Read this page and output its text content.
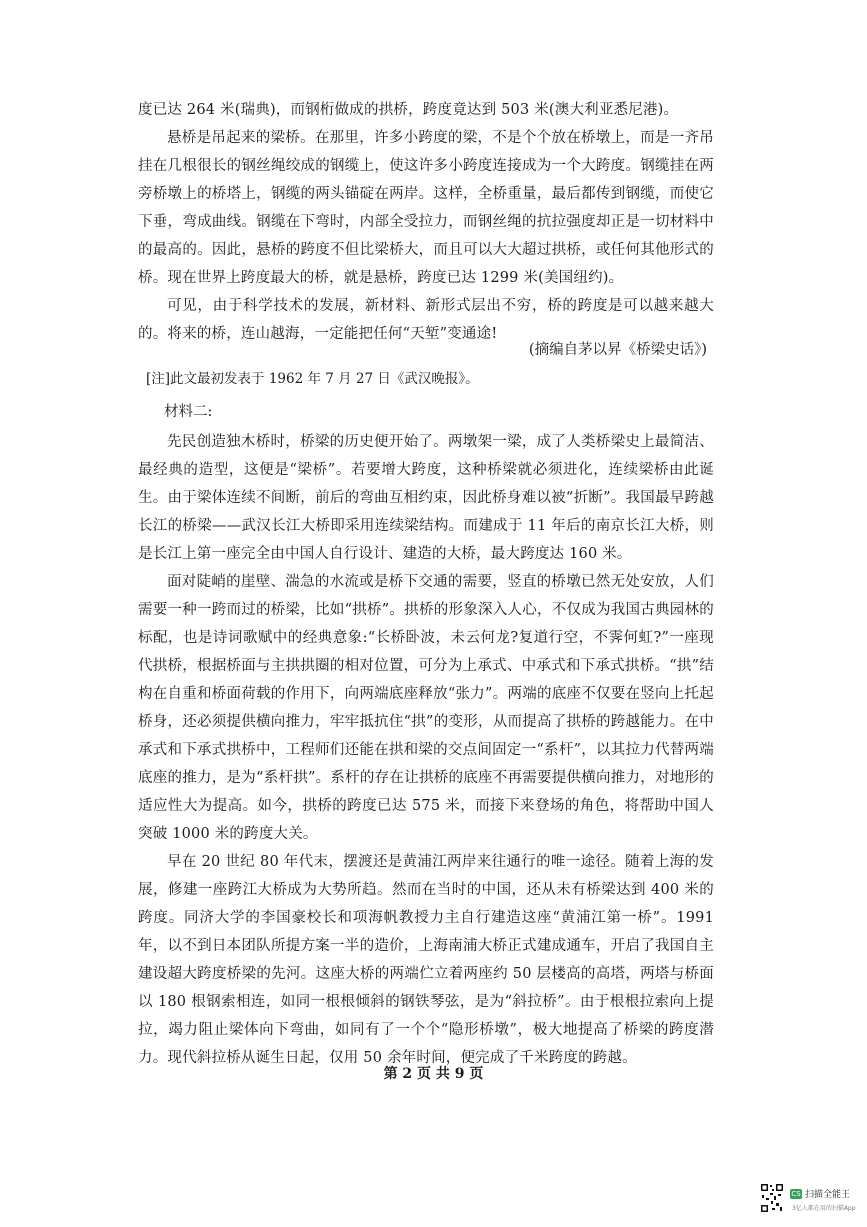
度已达 264 米(瑞典)，而钢桁做成的拱桥，跨度竟达到 503 米(澳大利亚悉尼港)。

悬桥是吊起来的梁桥。在那里，许多小跨度的梁，不是个个放在桥墩上，而是一齐吊挂在几根很长的钢丝绳绞成的钢缆上，使这许多小跨度连接成为一个大跨度。钢缆挂在两旁桥墩上的桥塔上，钢缆的两头锚碇在两岸。这样，全桥重量，最后都传到钢缆，而使它下垂，弯成曲线。钢缆在下弯时，内部全受拉力，而钢丝绳的抗拉强度却正是一切材料中的最高的。因此，悬桥的跨度不但比梁桥大，而且可以大大超过拱桥，或任何其他形式的桥。现在世界上跨度最大的桥，就是悬桥，跨度已达 1299 米(美国纽约)。

可见，由于科学技术的发展，新材料、新形式层出不穷，桥的跨度是可以越来越大的。将来的桥，连山越海，一定能把任何“天堑”变通途!

(摘编自茅以昇《桥梁史话》)
[注]此文最初发表于 1962 年 7 月 27 日《武汉晚报》。
材料二:

先民创造独木桥时，桥梁的历史便开始了。两墩架一梁，成了人类桥梁史上最简洁、最经典的造型，这便是“梁桥”。若要增大跨度，这种桥梁就必须进化，连续梁桥由此诞生。由于梁体连续不间断，前后的弯曲互相约束，因此桥身难以被“折断”。我国最早跨越长江的桥梁——武汉长江大桥即采用连续梁结构。而建成于 11 年后的南京长江大桥，则是长江上第一座完全由中国人自行设计、建造的大桥，最大跨度达 160 米。

面对陡峭的崖壁、湍急的水流或是桥下交通的需要，竖直的桥墩已然无处安放，人们需要一种一跨而过的桥梁，比如“拱桥”。拱桥的形象深入人心，不仅成为我国古典园林的标配，也是诗词歌赋中的经典意象:“长桥卧波，未云何龙?复道行空，不霁何虹?”一座现代拱桥，根据桥面与主拱拱圈的相对位置，可分为上承式、中承式和下承式拱桥。“拱”结构在自重和桥面荷载的作用下，向两端底座释放“张力”。两端的底座不仅要在竖向上托起桥身，还必须提供横向推力，牢牢抵抗住“拱”的变形，从而提高了拱桥的跨越能力。在中承式和下承式拱桥中，工程师们还能在拱和梁的交点间固定一“系杆”，以其拉力代替两端底座的推力，是为“系杆拱”。系杆的存在让拱桥的底座不再需要提供横向推力，对地形的适应性大为提高。如今，拱桥的跨度已达 575 米，而接下来登场的角色，将帮助中国人突破 1000 米的跨度大关。

早在 20 世纪 80 年代末，摆渡还是黄浦江两岸来往通行的唯一途径。随着上海的发展，修建一座跨江大桥成为大势所趋。然而在当时的中国，还从未有桥梁达到 400 米的跨度。同济大学的李国豪校长和项海帆教授力主自行建造这座“黄浦江第一桥”。1991 年，以不到日本团队所提方案一半的造价，上海南浦大桥正式建成通车，开启了我国自主建设超大跨度桥梁的先河。这座大桥的两端伫立着两座约 50 层楼高的高塔，两塔与桥面以 180 根钢索相连，如同一根根倾斜的钢铁琴弦，是为“斜拉桥”。由于根根拉索向上提拉，竭力阻止梁体向下弯曲，如同有了一个个“隐形桥墩”，极大地提高了桥梁的跨度潜力。现代斜拉桥从诞生日起，仅用 50 余年时间，便完成了千米跨度的跨越。

第 2 页 共 9 页
CS 扫描全能王
3亿人都在用的扫描App
